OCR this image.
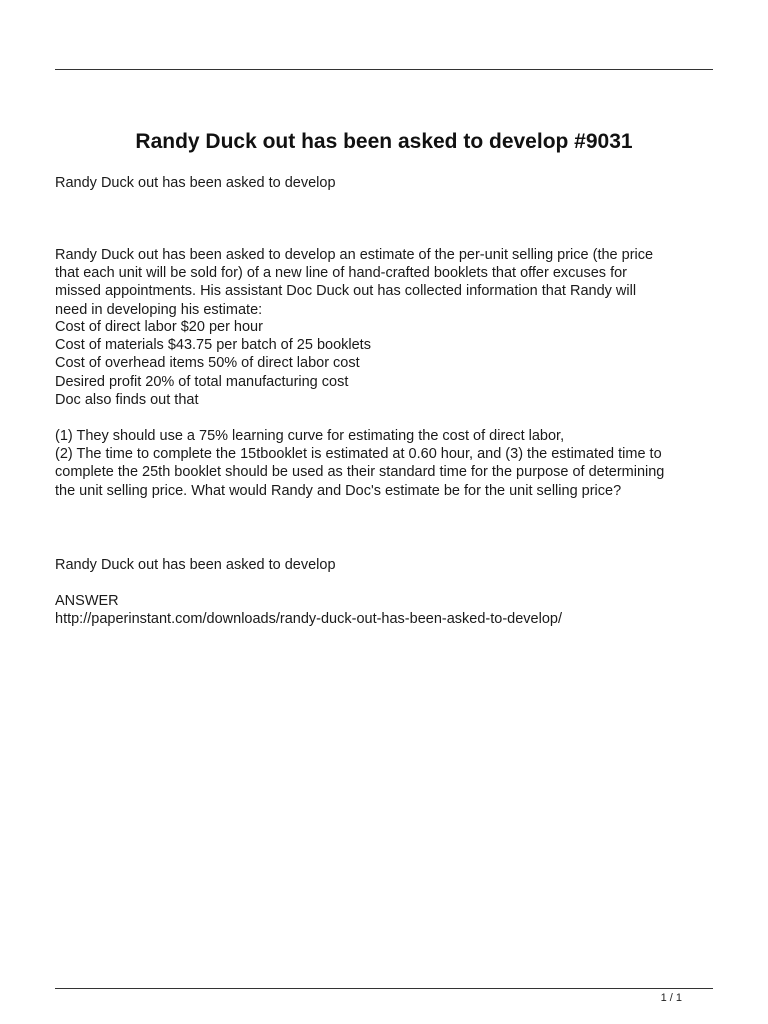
Randy Duck out has been asked to develop #9031

Randy Duck out has been asked to develop

Randy Duck out has been asked to develop an estimate of the per-unit selling price (the price
that each unit will be sold for) of a new line of hand-crafted booklets that offer excuses for
missed appointments. His assistant Doc Duck out has collected information that Randy will
need in developing his estimate:
Cost of direct labor $20 per hour
Cost of materials $43.75 per batch of 25 booklets
Cost of overhead items 50% of direct labor cost
Desired profit 20% of total manufacturing cost
Doc also finds out that
(1) They should use a 75% learning curve for estimating the cost of direct labor,
(2) The time to complete the 15tbooklet is estimated at 0.60 hour, and (3) the estimated time to
complete the 25th booklet should be used as their standard time for the purpose of determining
the unit selling price. What would Randy and Doc's estimate be for the unit selling price?

Randy Duck out has been asked to develop

ANSWER
http://paperinstant.com/downloads/randy-duck-out-has-been-asked-to-develop/
1 / 1
